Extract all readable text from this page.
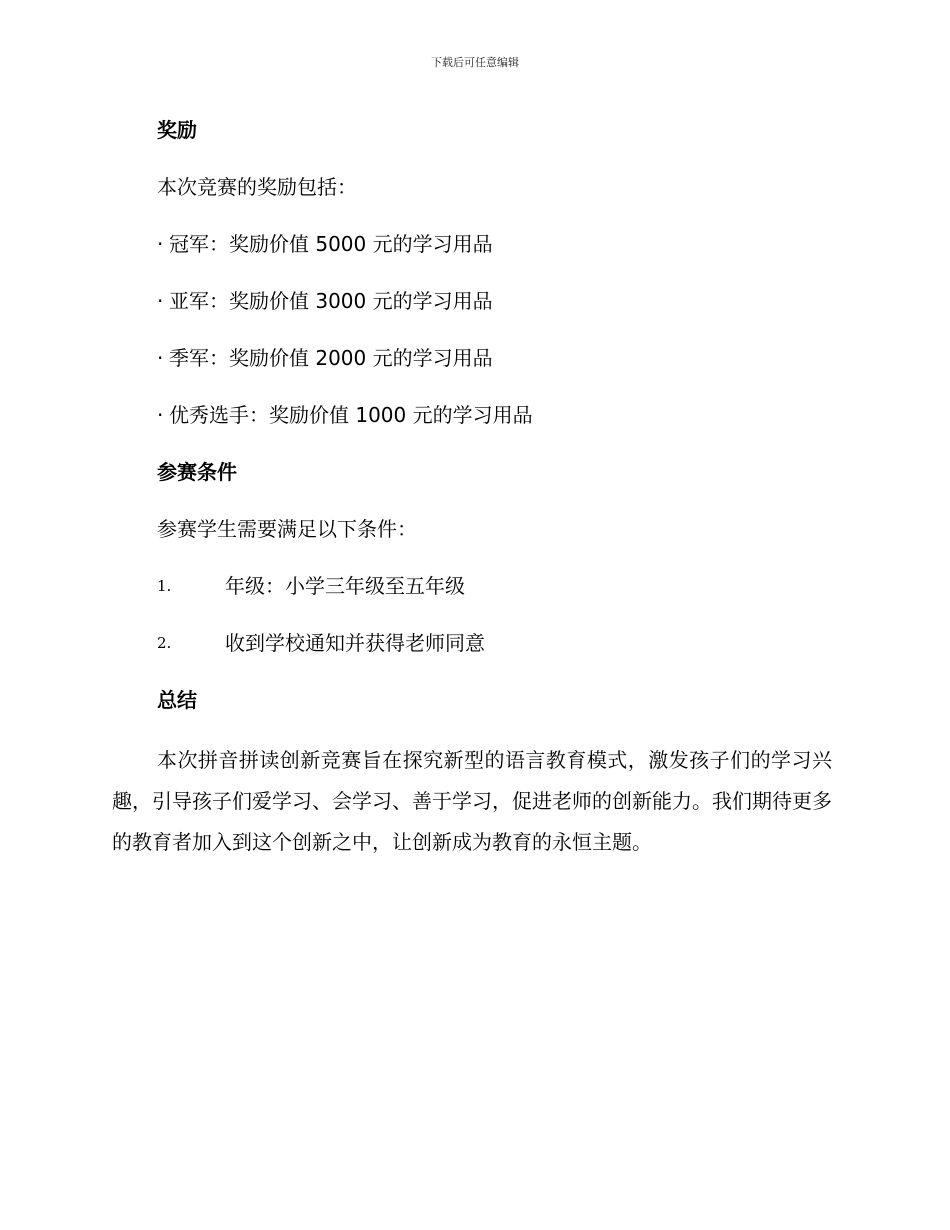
下载后可任意编辑
奖励
本次竞赛的奖励包括：
· 冠军：奖励价值 5000 元的学习用品
· 亚军：奖励价值 3000 元的学习用品
· 季军：奖励价值 2000 元的学习用品
· 优秀选手：奖励价值 1000 元的学习用品
参赛条件
参赛学生需要满足以下条件：
1.	年级：小学三年级至五年级
2.	收到学校通知并获得老师同意
总结

本次拼音拼读创新竞赛旨在探究新型的语言教育模式，激发孩子们的学习兴趣，引导孩子们爱学习、会学习、善于学习，促进老师的创新能力。我们期待更多的教育者加入到这个创新之中，让创新成为教育的永恒主题。
